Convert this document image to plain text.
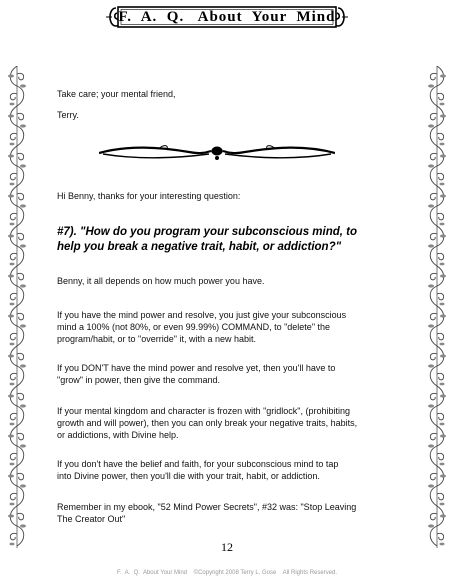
F.  A.  Q.   About  Your  Mind
Take care; your mental friend,
Terry.
Hi Benny, thanks for your interesting question:
#7). "How do you program your subconscious mind, to
help you break a negative trait, habit, or addiction?"
Benny, it all depends on how much power you have.
If you have the mind power and resolve, you just give your subconscious
mind a 100% (not 80%, or even 99.99%) COMMAND, to "delete" the
program/habit, or to "override" it, with a new habit.
If you DON'T have the mind power and resolve yet, then you'll have to
"grow" in power, then give the command.
If your mental kingdom and character is frozen with "gridlock", (prohibiting
growth and will power), then you can only break your negative traits, habits,
or addictions, with Divine help.
If you don't have the belief and faith, for your subconscious mind to tap
into Divine power, then you'll die with your trait, habit, or addiction.
Remember in my ebook, "52 Mind Power Secrets", #32 was: "Stop Leaving
The Creator Out"
12
F.  A.  Q.  About Your Mind    ©Copyright 2008 Terry L. Gose    All Rights Reserved.
